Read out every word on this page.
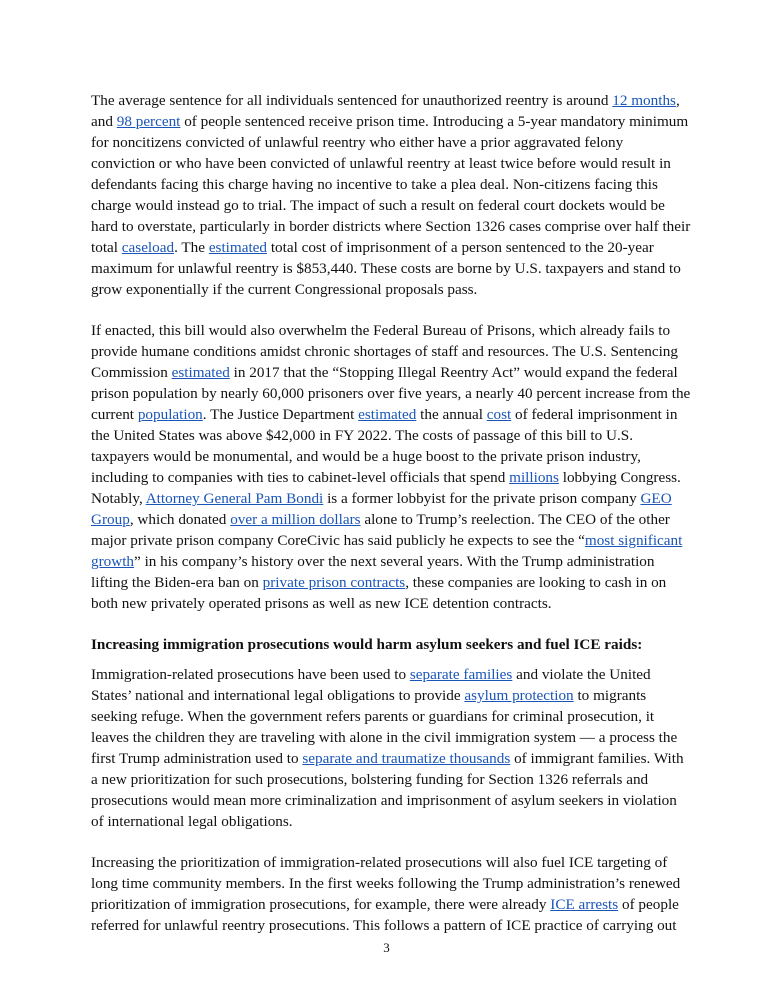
The average sentence for all individuals sentenced for unauthorized reentry is around 12 months, and 98 percent of people sentenced receive prison time. Introducing a 5-year mandatory minimum for noncitizens convicted of unlawful reentry who either have a prior aggravated felony conviction or who have been convicted of unlawful reentry at least twice before would result in defendants facing this charge having no incentive to take a plea deal. Non-citizens facing this charge would instead go to trial. The impact of such a result on federal court dockets would be hard to overstate, particularly in border districts where Section 1326 cases comprise over half their total caseload. The estimated total cost of imprisonment of a person sentenced to the 20-year maximum for unlawful reentry is $853,440. These costs are borne by U.S. taxpayers and stand to grow exponentially if the current Congressional proposals pass.

If enacted, this bill would also overwhelm the Federal Bureau of Prisons, which already fails to provide humane conditions amidst chronic shortages of staff and resources. The U.S. Sentencing Commission estimated in 2017 that the “Stopping Illegal Reentry Act” would expand the federal prison population by nearly 60,000 prisoners over five years, a nearly 40 percent increase from the current population. The Justice Department estimated the annual cost of federal imprisonment in the United States was above $42,000 in FY 2022. The costs of passage of this bill to U.S. taxpayers would be monumental, and would be a huge boost to the private prison industry, including to companies with ties to cabinet-level officials that spend millions lobbying Congress. Notably, Attorney General Pam Bondi is a former lobbyist for the private prison company GEO Group, which donated over a million dollars alone to Trump’s reelection. The CEO of the other major private prison company CoreCivic has said publicly he expects to see the “most significant growth” in his company’s history over the next several years. With the Trump administration lifting the Biden-era ban on private prison contracts, these companies are looking to cash in on both new privately operated prisons as well as new ICE detention contracts.

Increasing immigration prosecutions would harm asylum seekers and fuel ICE raids:

Immigration-related prosecutions have been used to separate families and violate the United States’ national and international legal obligations to provide asylum protection to migrants seeking refuge. When the government refers parents or guardians for criminal prosecution, it leaves the children they are traveling with alone in the civil immigration system — a process the first Trump administration used to separate and traumatize thousands of immigrant families. With a new prioritization for such prosecutions, bolstering funding for Section 1326 referrals and prosecutions would mean more criminalization and imprisonment of asylum seekers in violation of international legal obligations.

Increasing the prioritization of immigration-related prosecutions will also fuel ICE targeting of long time community members. In the first weeks following the Trump administration’s renewed prioritization of immigration prosecutions, for example, there were already ICE arrests of people referred for unlawful reentry prosecutions. This follows a pattern of ICE practice of carrying out

3
